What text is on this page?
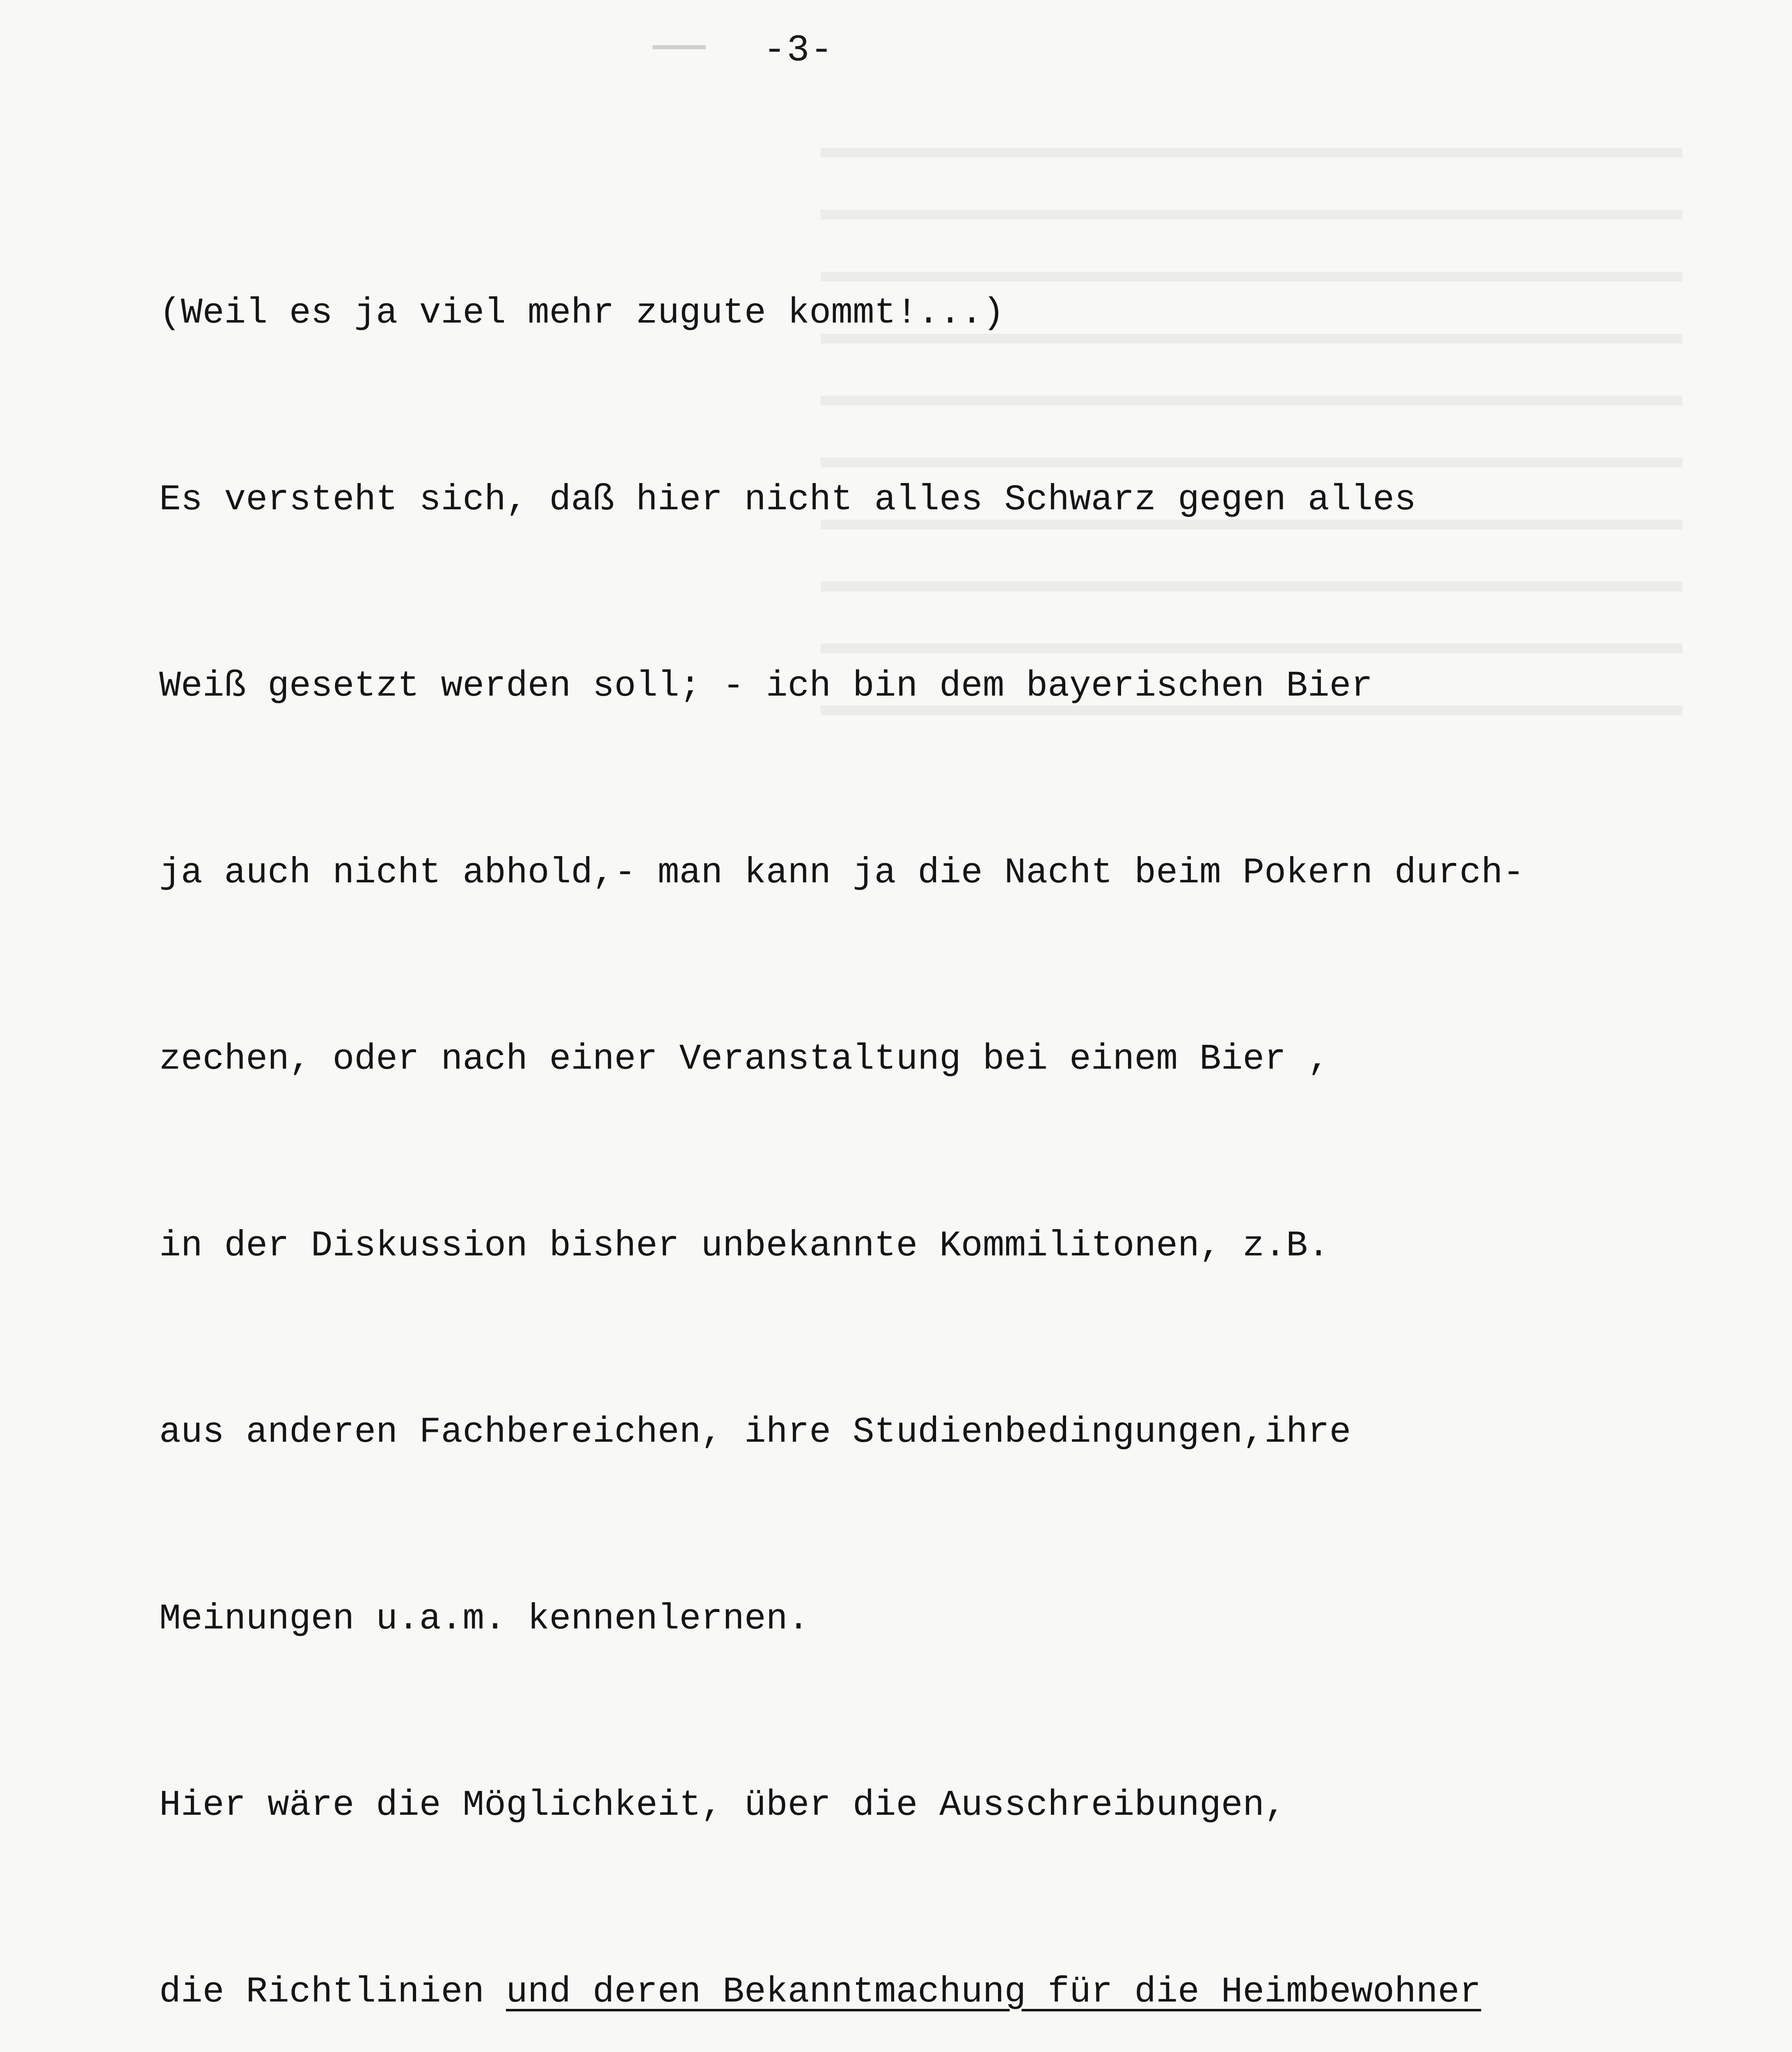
-3-

(Weil es ja viel mehr zugute kommt!...)

Es versteht sich, daß hier nicht alles Schwarz gegen alles

Weiß gesetzt werden soll; - ich bin dem bayerischen Bier

ja auch nicht abhold,- man kann ja die Nacht beim Pokern durch-

zechen, oder nach einer Veranstaltung bei einem Bier ,

in der Diskussion bisher unbekannte Kommilitonen, z.B.

aus anderen Fachbereichen, ihre Studienbedingungen,ihre

Meinungen u.a.m. kennenlernen.

Hier wäre die Möglichkeit, über die Ausschreibungen,

die Richtlinien und deren Bekanntmachung für die Heimbewohner
